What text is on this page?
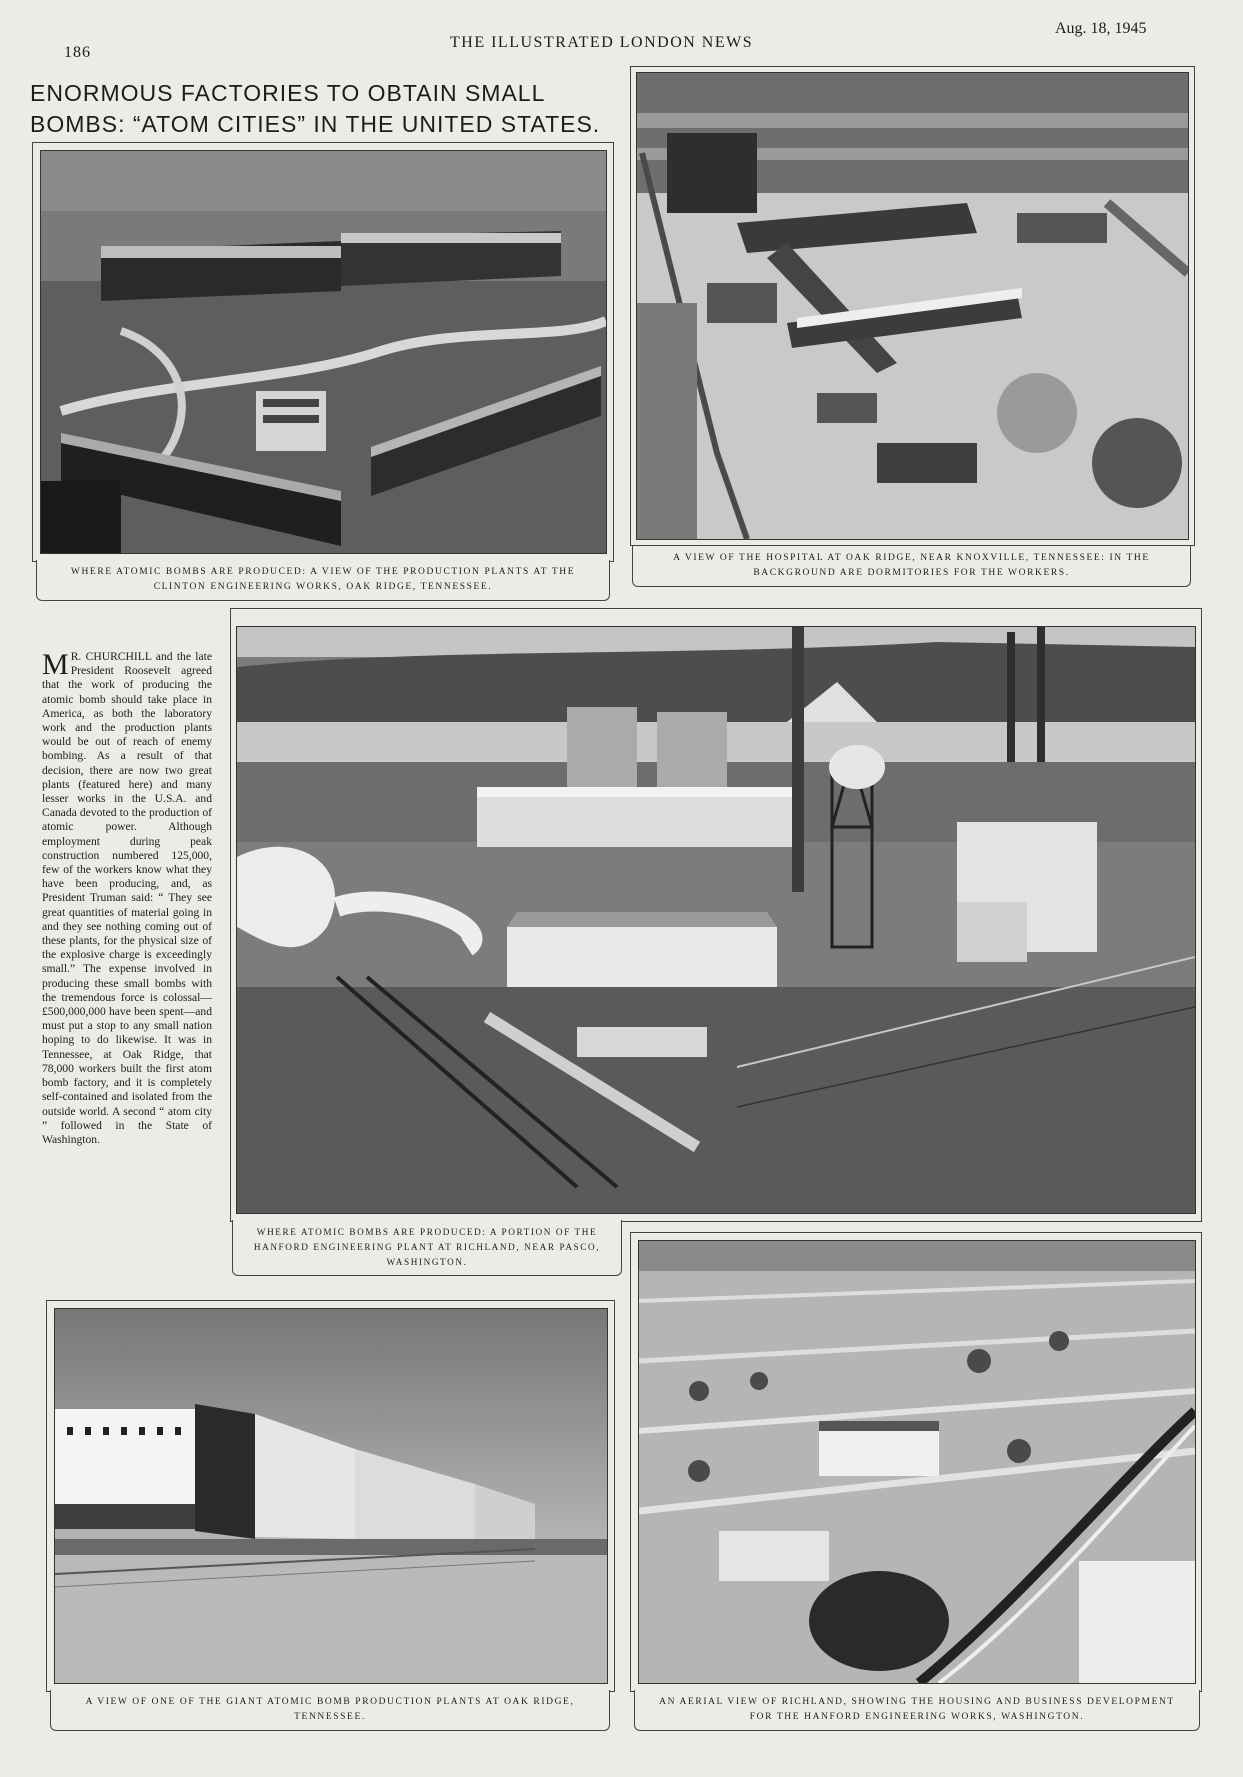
186
THE ILLUSTRATED LONDON NEWS
Aug. 18, 1945
ENORMOUS FACTORIES TO OBTAIN SMALL
BOMBS: “ATOM CITIES” IN THE UNITED STATES.
WHERE ATOMIC BOMBS ARE PRODUCED: A VIEW OF THE PRODUCTION PLANTS AT THE CLINTON ENGINEERING WORKS, OAK RIDGE, TENNESSEE.
A VIEW OF THE HOSPITAL AT OAK RIDGE, NEAR KNOXVILLE, TENNESSEE: IN THE BACKGROUND ARE DORMITORIES FOR THE WORKERS.
M R. CHURCHILL and the late President Roosevelt agreed that the work of producing the atomic bomb should take place in America, as both the laboratory work and the production plants would be out of reach of enemy bombing. As a result of that decision, there are now two great plants (featured here) and many lesser works in the U.S.A. and Canada devoted to the production of atomic power. Although employment during peak construction numbered 125,000, few of the workers know what they have been producing, and, as President Truman said: “ They see great quantities of material going in and they see nothing coming out of these plants, for the physical size of the explosive charge is exceedingly small.” The expense involved in producing these small bombs with the tremendous force is colossal—£500,000,000 have been spent—and must put a stop to any small nation hoping to do likewise. It was in Tennessee, at Oak Ridge, that 78,000 workers built the first atom bomb factory, and it is completely self-contained and isolated from the outside world. A second “ atom city ” followed in the State of Washington.
WHERE ATOMIC BOMBS ARE PRODUCED: A PORTION OF THE HANFORD ENGINEERING PLANT AT RICHLAND, NEAR PASCO, WASHINGTON.
A VIEW OF ONE OF THE GIANT ATOMIC BOMB PRODUCTION PLANTS AT OAK RIDGE, TENNESSEE.
AN AERIAL VIEW OF RICHLAND, SHOWING THE HOUSING AND BUSINESS DEVELOPMENT FOR THE HANFORD ENGINEERING WORKS, WASHINGTON.
